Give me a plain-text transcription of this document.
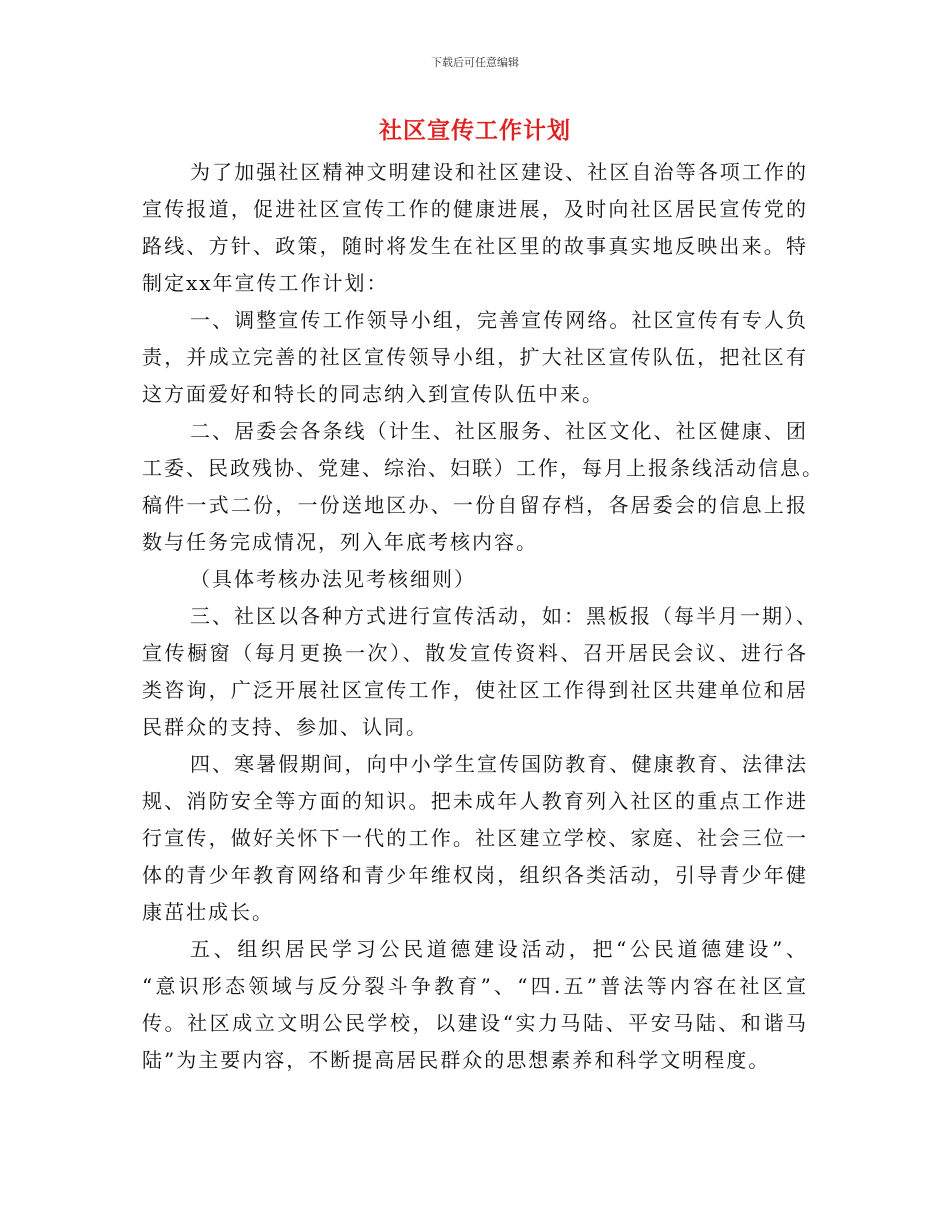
下载后可任意编辑
社区宣传工作计划
为了加强社区精神文明建设和社区建设、社区自治等各项工作的
宣传报道，促进社区宣传工作的健康进展，及时向社区居民宣传党的
路线、方针、政策，随时将发生在社区里的故事真实地反映出来。特
制定xx年宣传工作计划：
一、调整宣传工作领导小组，完善宣传网络。社区宣传有专人负
责，并成立完善的社区宣传领导小组，扩大社区宣传队伍，把社区有
这方面爱好和特长的同志纳入到宣传队伍中来。
二、居委会各条线（计生、社区服务、社区文化、社区健康、团
工委、民政残协、党建、综治、妇联）工作，每月上报条线活动信息。
稿件一式二份，一份送地区办、一份自留存档，各居委会的信息上报
数与任务完成情况，列入年底考核内容。
（具体考核办法见考核细则）
三、社区以各种方式进行宣传活动，如：黑板报（每半月一期）、
宣传橱窗（每月更换一次）、散发宣传资料、召开居民会议、进行各
类咨询，广泛开展社区宣传工作，使社区工作得到社区共建单位和居
民群众的支持、参加、认同。
四、寒暑假期间，向中小学生宣传国防教育、健康教育、法律法
规、消防安全等方面的知识。把未成年人教育列入社区的重点工作进
行宣传，做好关怀下一代的工作。社区建立学校、家庭、社会三位一
体的青少年教育网络和青少年维权岗，组织各类活动，引导青少年健
康茁壮成长。
五、组织居民学习公民道德建设活动，把“公民道德建设”、
“意识形态领域与反分裂斗争教育”、“四.五”普法等内容在社区宣
传。社区成立文明公民学校，以建设“实力马陆、平安马陆、和谐马
陆”为主要内容，不断提高居民群众的思想素养和科学文明程度。
